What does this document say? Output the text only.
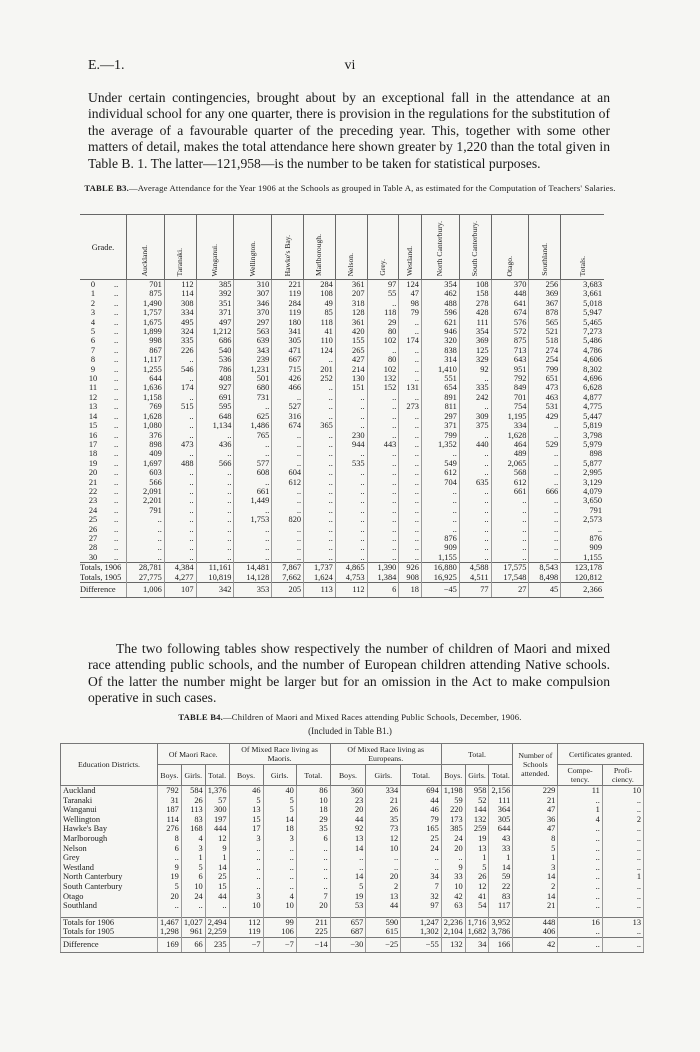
E.—1.	vi
Under certain contingencies, brought about by an exceptional fall in the attendance at an individual school for any one quarter, there is provision in the regulations for the substitution of the average of a favourable quarter of the preceding year. This, together with some other matters of detail, makes the total attendance here shown greater by 1,220 than the total given in Table B. 1. The latter—121,958—is the number to be taken for statistical purposes.
TABLE B3.—Average Attendance for the Year 1906 at the Schools as grouped in Table A, as estimated for the Computation of Teachers' Salaries.
Grade.	Auckland.	Taranaki.	Wanganui.	Wellington.	Hawke's Bay.	Marlborough.	Nelson.	Grey.	Westland.	North Canterbury.	South Canterbury.	Otago.	Southland.	Totals.

0 ..	701	112	385	310	221	284	361	97	124	354	108	370	256	3,683
1 ..	875	114	392	307	119	108	207	55	47	462	158	448	369	3,661
2 ..	1,490	308	351	346	284	49	318	..	98	488	278	641	367	5,018
3 ..	1,757	334	371	370	119	85	128	118	79	596	428	674	878	5,947
4 ..	1,675	495	497	297	180	118	361	29	..	621	111	576	565	5,465
5 ..	1,899	324	1,212	563	341	41	420	80	..	946	354	572	521	7,273
6 ..	998	335	686	639	305	110	155	102	174	320	369	875	518	5,486
7 ..	867	226	540	343	471	124	265	..	..	838	125	713	274	4,786
8 ..	1,117	..	536	239	667	..	427	80	..	314	329	643	254	4,606
9 ..	1,255	546	786	1,231	715	201	214	102	..	1,410	92	951	799	8,302
10 ..	644	..	408	501	426	252	130	132	..	551	..	792	651	4,696
11 ..	1,636	174	927	680	466	..	151	152	131	654	335	849	473	6,628
12 ..	1,158	..	691	731	..	..	..	..	..	891	242	701	463	4,877
13 ..	769	515	595	..	527	..	..	..	273	811	..	754	531	4,775
14 ..	1,628	..	648	625	316	..	..	..	..	297	309	1,195	429	5,447
15 ..	1,080	..	1,134	1,486	674	365	..	..	..	371	375	334	..	5,819
16 ..	376	..	..	765	..	..	230	..	..	799	..	1,628	..	3,798
17 ..	898	473	436	..	..	..	944	443	..	1,352	440	464	529	5,979
18 ..	409	..	..	..	..	..	..	..	..	..	..	489	..	898
19 ..	1,697	488	566	577	..	..	535	..	..	549	..	2,065	..	5,877
20 ..	603	..	..	608	604	..	..	..	..	612	..	568	..	2,995
21 ..	566	..	..	..	612	..	..	..	..	704	635	612	..	3,129
22 ..	2,091	..	..	661	..	..	..	..	..	..	..	661	666	4,079
23 ..	2,201	..	..	1,449	..	..	..	..	..	..	..	..	..	3,650
24 ..	791	..	..	..	..	..	..	..	..	..	..	..	..	791
25 ..	..	..	..	1,753	820	..	..	..	..	..	..	..	..	2,573
26 ..	..	..	..	..	..	..	..	..	..	..	..	..	..	..
27 ..	..	..	..	..	..	..	..	..	..	876	..	..	..	876
28 ..	..	..	..	..	..	..	..	..	..	909	..	..	..	909
30 ..	..	..	..	..	..	..	..	..	..	1,155	..	..	..	1,155
Totals, 1906	28,781	4,384	11,161	14,481	7,867	1,737	4,865	1,390	926	16,880	4,588	17,575	8,543	123,178
Totals, 1905	27,775	4,277	10,819	14,128	7,662	1,624	4,753	1,384	908	16,925	4,511	17,548	8,498	120,812
Difference	1,006	107	342	353	205	113	112	6	18	−45	77	27	45	2,366
The two following tables show respectively the number of children of Maori and mixed race attending public schools, and the number of European children attending Native schools. Of the latter the number might be larger but for an omission in the Act to make compulsion operative in such cases.
TABLE B4.—Children of Maori and Mixed Races attending Public Schools, December, 1906.
(Included in Table B1.)
Education Districts.	Of Maori Race.			Of Mixed Race living as Maoris.			Of Mixed Race living as Europeans.			Total.			Number of Schools attended.	Certificates granted.	
	Boys.	Girls.	Total.	Boys.	Girls.	Total.	Boys.	Girls.	Total.	Boys.	Girls.	Total.		Compe-tency.	Profi-ciency.
Auckland	792	584	1,376	46	40	86	360	334	694	1,198	958	2,156	229	11	10
Taranaki	31	26	57	5	5	10	23	21	44	59	52	111	21	..	..
Wanganui	187	113	300	13	5	18	20	26	46	220	144	364	47	1	..
Wellington	114	83	197	15	14	29	44	35	79	173	132	305	36	4	2
Hawke's Bay	276	168	444	17	18	35	92	73	165	385	259	644	47	..	..
Marlborough	8	4	12	3	3	6	13	12	25	24	19	43	8	..	..
Nelson	6	3	9	..	..	..	14	10	24	20	13	33	5	..	..
Grey	..	1	1	..	..	..	..	..	..	..	1	1	1	..	..
Westland	9	5	14	..	..	..	..	..	..	9	5	14	3	..	..
North Canterbury	19	6	25	..	..	..	14	20	34	33	26	59	14	..	1
South Canterbury	5	10	15	..	..	..	5	2	7	10	12	22	2	..	..
Otago	20	24	44	3	4	7	19	13	32	42	41	83	14	..	..
Southland	..	..	..	10	10	20	53	44	97	63	54	117	21	..	..

Totals for 1906	1,467	1,027	2,494	112	99	211	657	590	1,247	2,236	1,716	3,952	448	16	13
Totals for 1905	1,298	961	2,259	119	106	225	687	615	1,302	2,104	1,682	3,786	406	..	..
Difference	169	66	235	−7	−7	−14	−30	−25	−55	132	34	166	42	..	..
